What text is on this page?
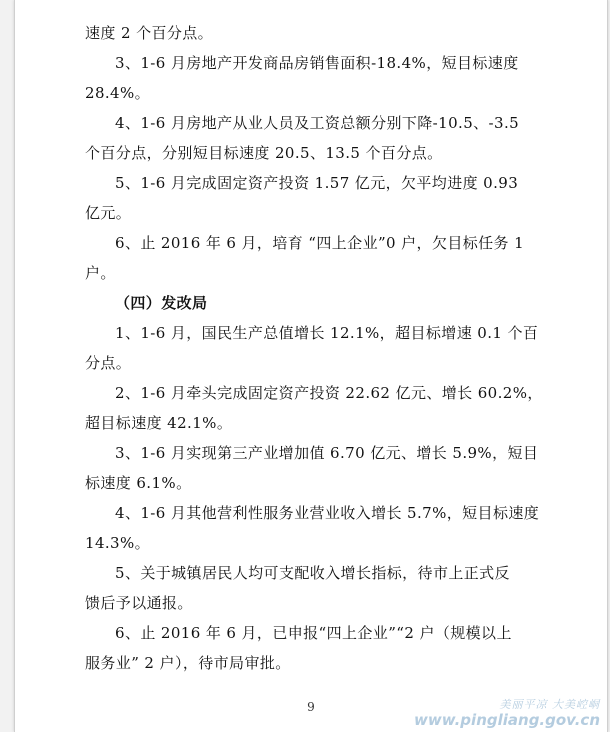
速度 2 个百分点。
3、1-6 月房地产开发商品房销售面积-18.4%，短目标速度
28.4%。
4、1-6 月房地产从业人员及工资总额分别下降-10.5、-3.5
个百分点，分别短目标速度 20.5、13.5 个百分点。
5、1-6 月完成固定资产投资 1.57 亿元，欠平均进度 0.93
亿元。
6、止 2016 年 6 月，培育 “四上企业”0 户，欠目标任务 1
户。
（四）发改局
1、1-6 月，国民生产总值增长 12.1%，超目标增速 0.1 个百
分点。
2、1-6 月牵头完成固定资产投资 22.62 亿元、增长 60.2%，
超目标速度 42.1%。
3、1-6 月实现第三产业增加值 6.70 亿元、增长 5.9%，短目
标速度 6.1%。
4、1-6 月其他营利性服务业营业收入增长 5.7%，短目标速度
14.3%。
5、关于城镇居民人均可支配收入增长指标，待市上正式反
馈后予以通报。
6、止 2016 年 6 月，已申报“四上企业”“2 户（规模以上
服务业” 2 户），待市局审批。
9	美丽平凉 大美崆峒
www.pingliang.gov.cn
